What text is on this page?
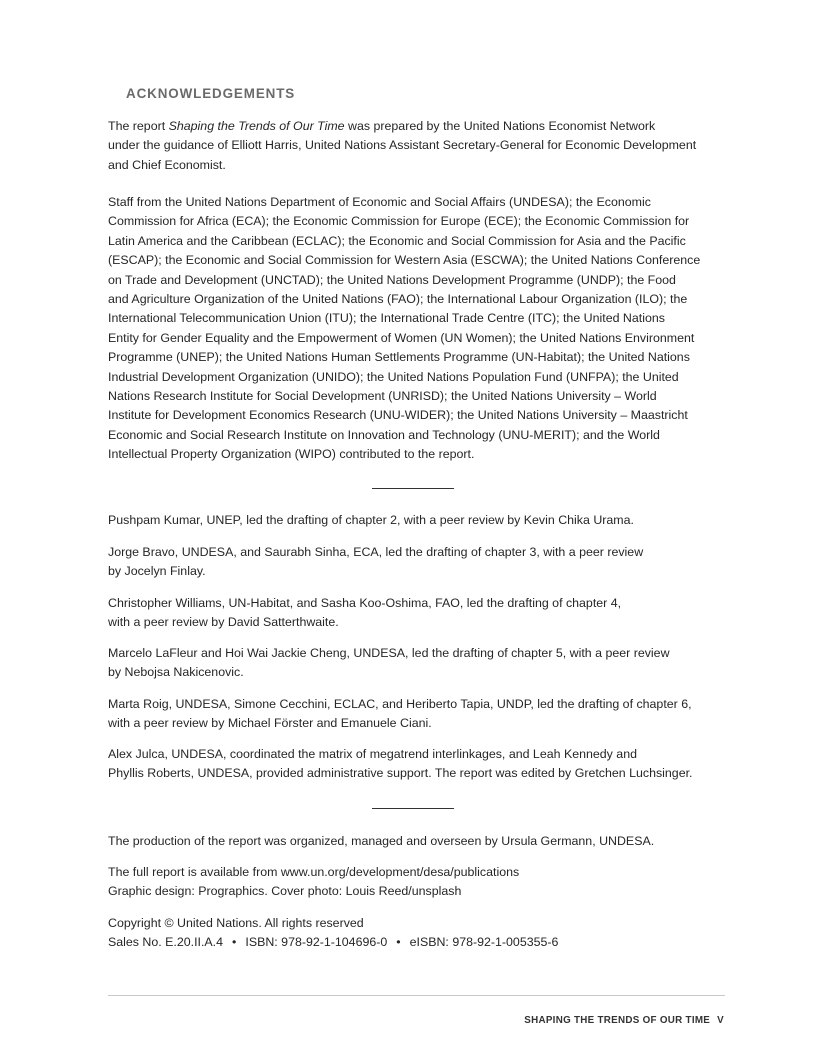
ACKNOWLEDGEMENTS

The report Shaping the Trends of Our Time was prepared by the United Nations Economist Network
under the guidance of Elliott Harris, United Nations Assistant Secretary-General for Economic Development
and Chief Economist.

Staff from the United Nations Department of Economic and Social Affairs (UNDESA); the Economic
Commission for Africa (ECA); the Economic Commission for Europe (ECE); the Economic Commission for
Latin America and the Caribbean (ECLAC); the Economic and Social Commission for Asia and the Pacific
(ESCAP); the Economic and Social Commission for Western Asia (ESCWA); the United Nations Conference
on Trade and Development (UNCTAD); the United Nations Development Programme (UNDP); the Food
and Agriculture Organization of the United Nations (FAO); the International Labour Organization (ILO); the
International Telecommunication Union (ITU); the International Trade Centre (ITC); the United Nations
Entity for Gender Equality and the Empowerment of Women (UN Women); the United Nations Environment
Programme (UNEP); the United Nations Human Settlements Programme (UN-Habitat); the United Nations
Industrial Development Organization (UNIDO); the United Nations Population Fund (UNFPA); the United
Nations Research Institute for Social Development (UNRISD); the United Nations University – World
Institute for Development Economics Research (UNU-WIDER); the United Nations University – Maastricht
Economic and Social Research Institute on Innovation and Technology (UNU-MERIT); and the World
Intellectual Property Organization (WIPO) contributed to the report.

Pushpam Kumar, UNEP, led the drafting of chapter 2, with a peer review by Kevin Chika Urama.

Jorge Bravo, UNDESA, and Saurabh Sinha, ECA, led the drafting of chapter 3, with a peer review
by Jocelyn Finlay.

Christopher Williams, UN-Habitat, and Sasha Koo-Oshima, FAO, led the drafting of chapter 4,
with a peer review by David Satterthwaite.

Marcelo LaFleur and Hoi Wai Jackie Cheng, UNDESA, led the drafting of chapter 5, with a peer review
by Nebojsa Nakicenovic.

Marta Roig, UNDESA, Simone Cecchini, ECLAC, and Heriberto Tapia, UNDP, led the drafting of chapter 6,
with a peer review by Michael Förster and Emanuele Ciani.

Alex Julca, UNDESA, coordinated the matrix of megatrend interlinkages, and Leah Kennedy and
Phyllis Roberts, UNDESA, provided administrative support. The report was edited by Gretchen Luchsinger.

The production of the report was organized, managed and overseen by Ursula Germann, UNDESA.

The full report is available from www.un.org/development/desa/publications
Graphic design: Prographics. Cover photo: Louis Reed/unsplash

Copyright © United Nations. All rights reserved
Sales No. E.20.II.A.4 • ISBN: 978-92-1-104696-0 • eISBN: 978-92-1-005355-6

SHAPING THE TRENDS OF OUR TIME V
